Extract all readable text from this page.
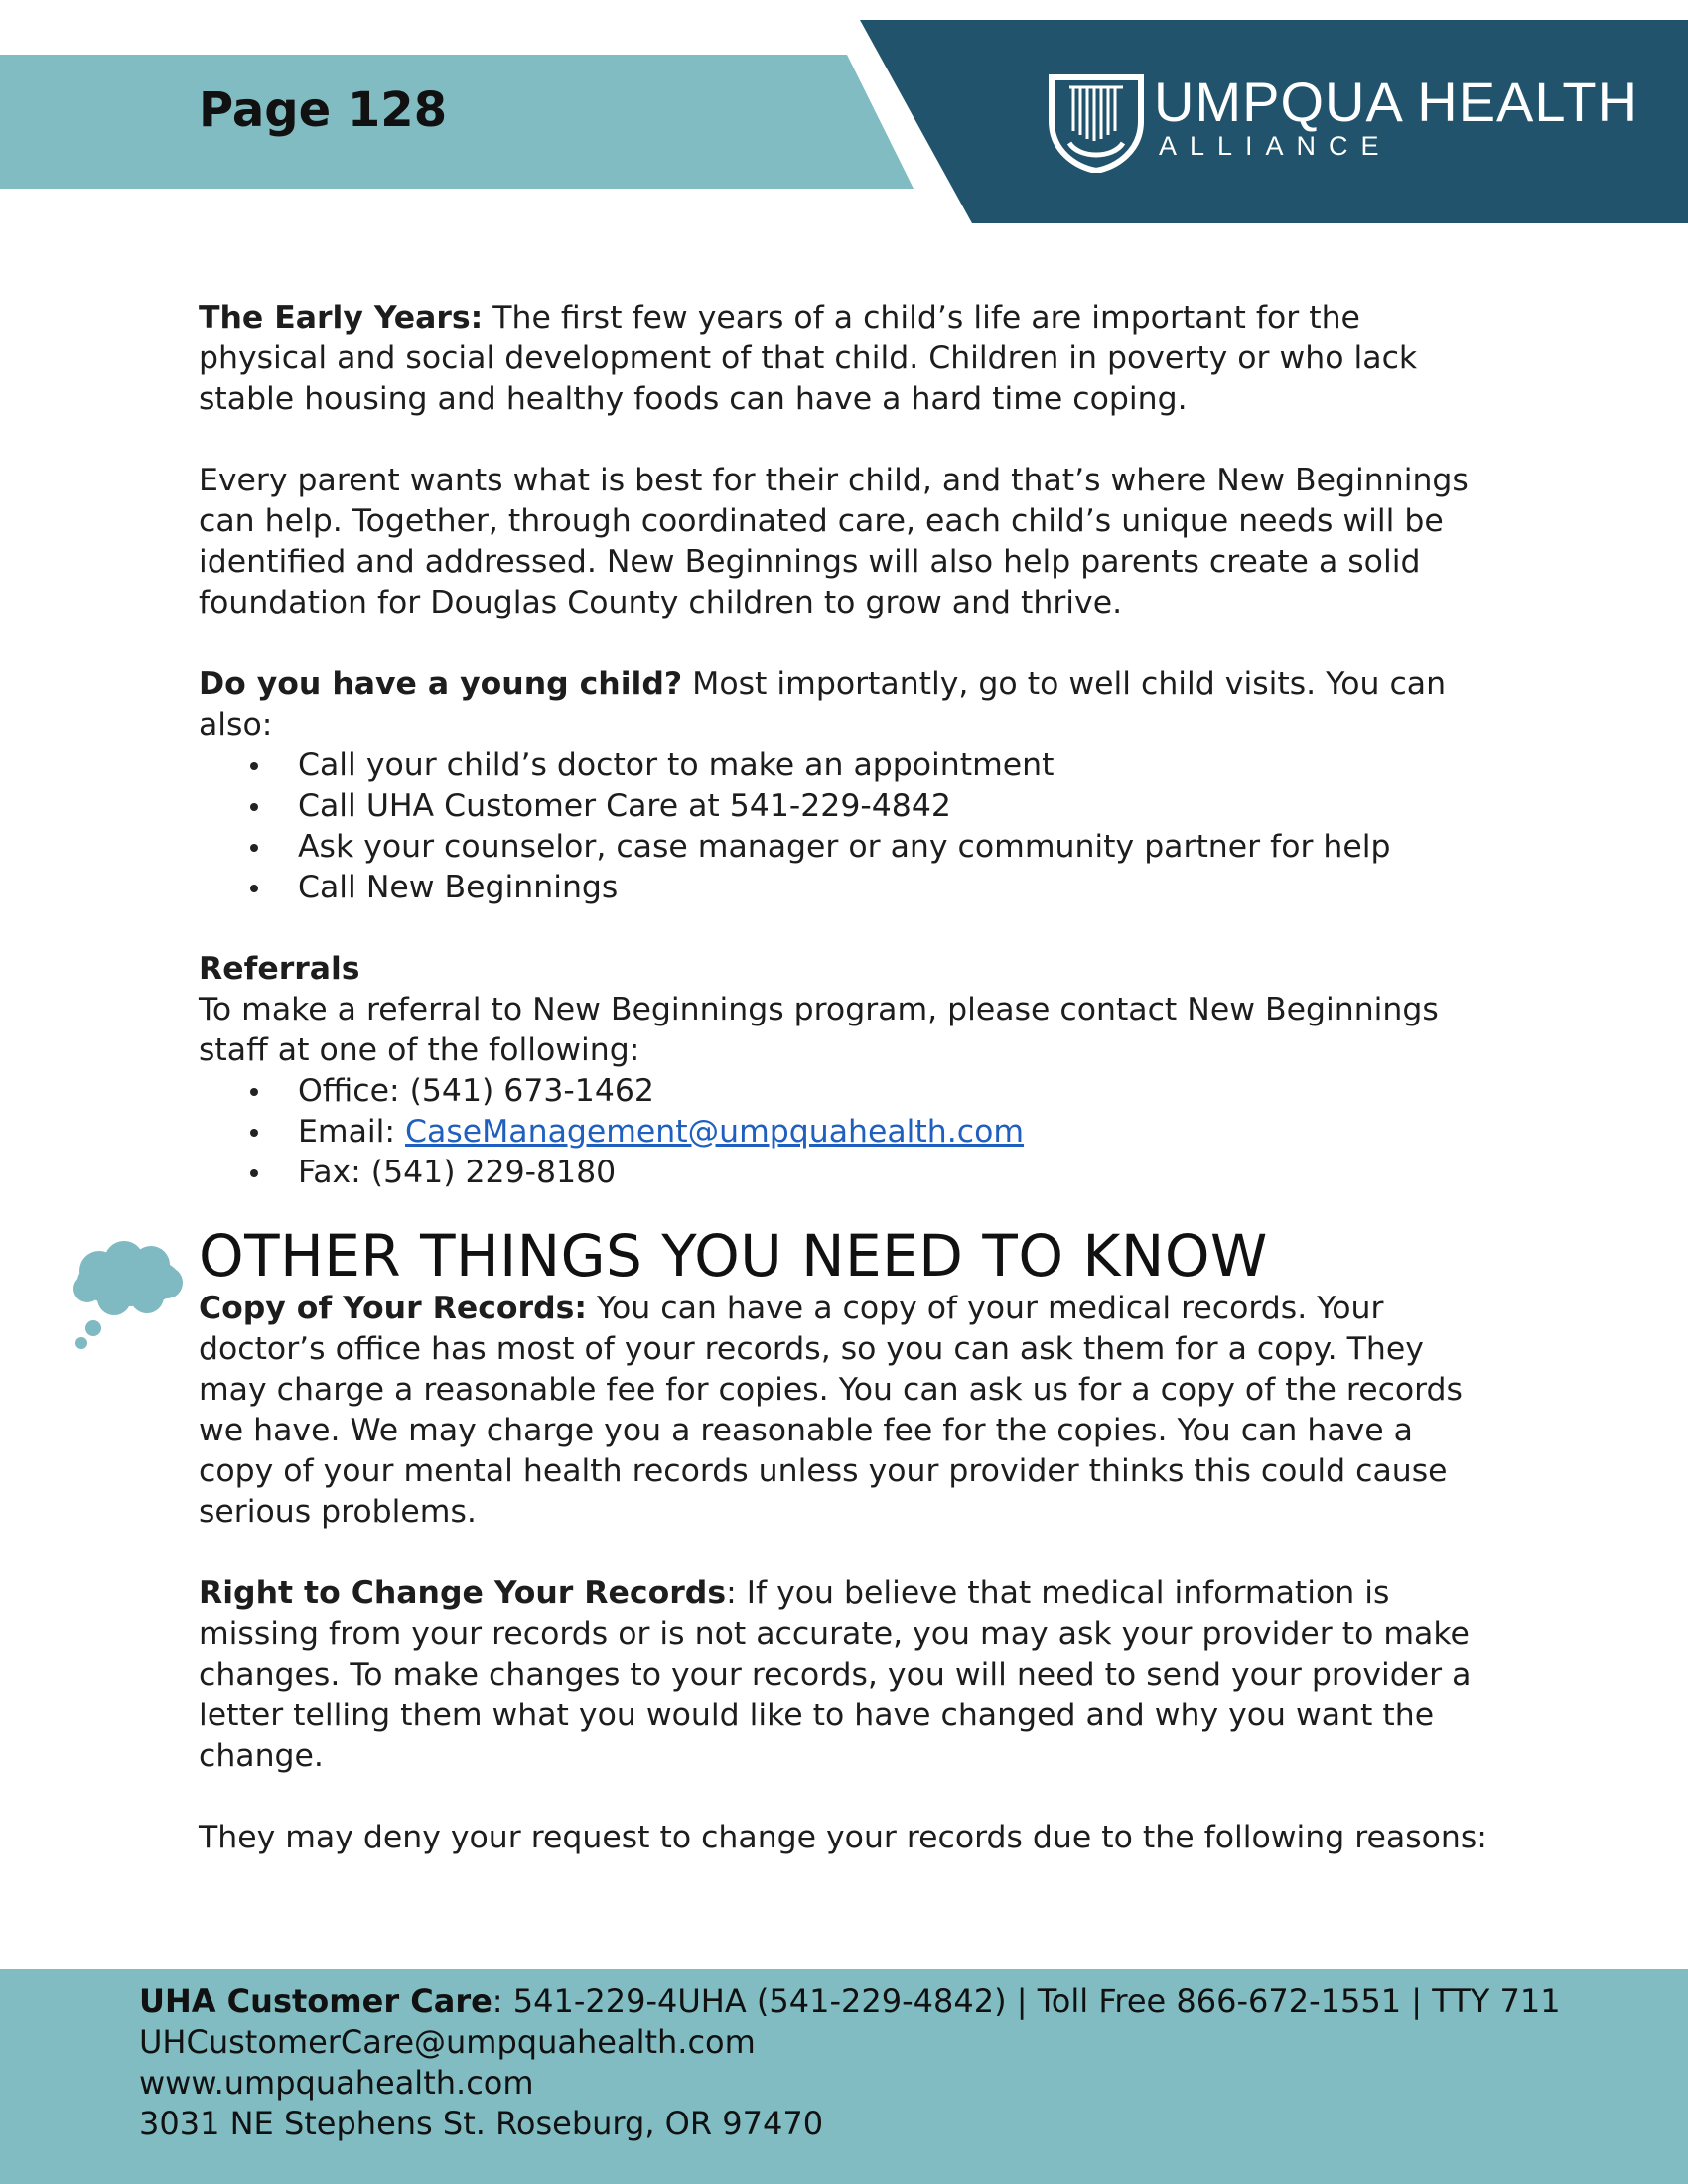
Page 128	UMPQUA HEALTH
ALLIANCE

The Early Years: The first few years of a child’s life are important for the physical and social development of that child. Children in poverty or who lack stable housing and healthy foods can have a hard time coping.

Every parent wants what is best for their child, and that’s where New Beginnings can help. Together, through coordinated care, each child’s unique needs will be identified and addressed. New Beginnings will also help parents create a solid foundation for Douglas County children to grow and thrive.

Do you have a young child? Most importantly, go to well child visits. You can also:

Call your child’s doctor to make an appointment
Call UHA Customer Care at 541-229-4842
Ask your counselor, case manager or any community partner for help
Call New Beginnings

Referrals

To make a referral to New Beginnings program, please contact New Beginnings staff at one of the following:

Office: (541) 673-1462
Email: CaseManagement@umpquahealth.com
Fax: (541) 229-8180
OTHER THINGS YOU NEED TO KNOW

Copy of Your Records: You can have a copy of your medical records. Your doctor’s office has most of your records, so you can ask them for a copy. They may charge a reasonable fee for copies. You can ask us for a copy of the records we have. We may charge you a reasonable fee for the copies. You can have a copy of your mental health records unless your provider thinks this could cause serious problems.

Right to Change Your Records: If you believe that medical information is missing from your records or is not accurate, you may ask your provider to make changes. To make changes to your records, you will need to send your provider a letter telling them what you would like to have changed and why you want the change.

They may deny your request to change your records due to the following reasons:

UHA Customer Care: 541-229-4UHA (541-229-4842) | Toll Free 866-672-1551 | TTY 711
UHCustomerCare@umpquahealth.com
www.umpquahealth.com
3031 NE Stephens St. Roseburg, OR 97470
